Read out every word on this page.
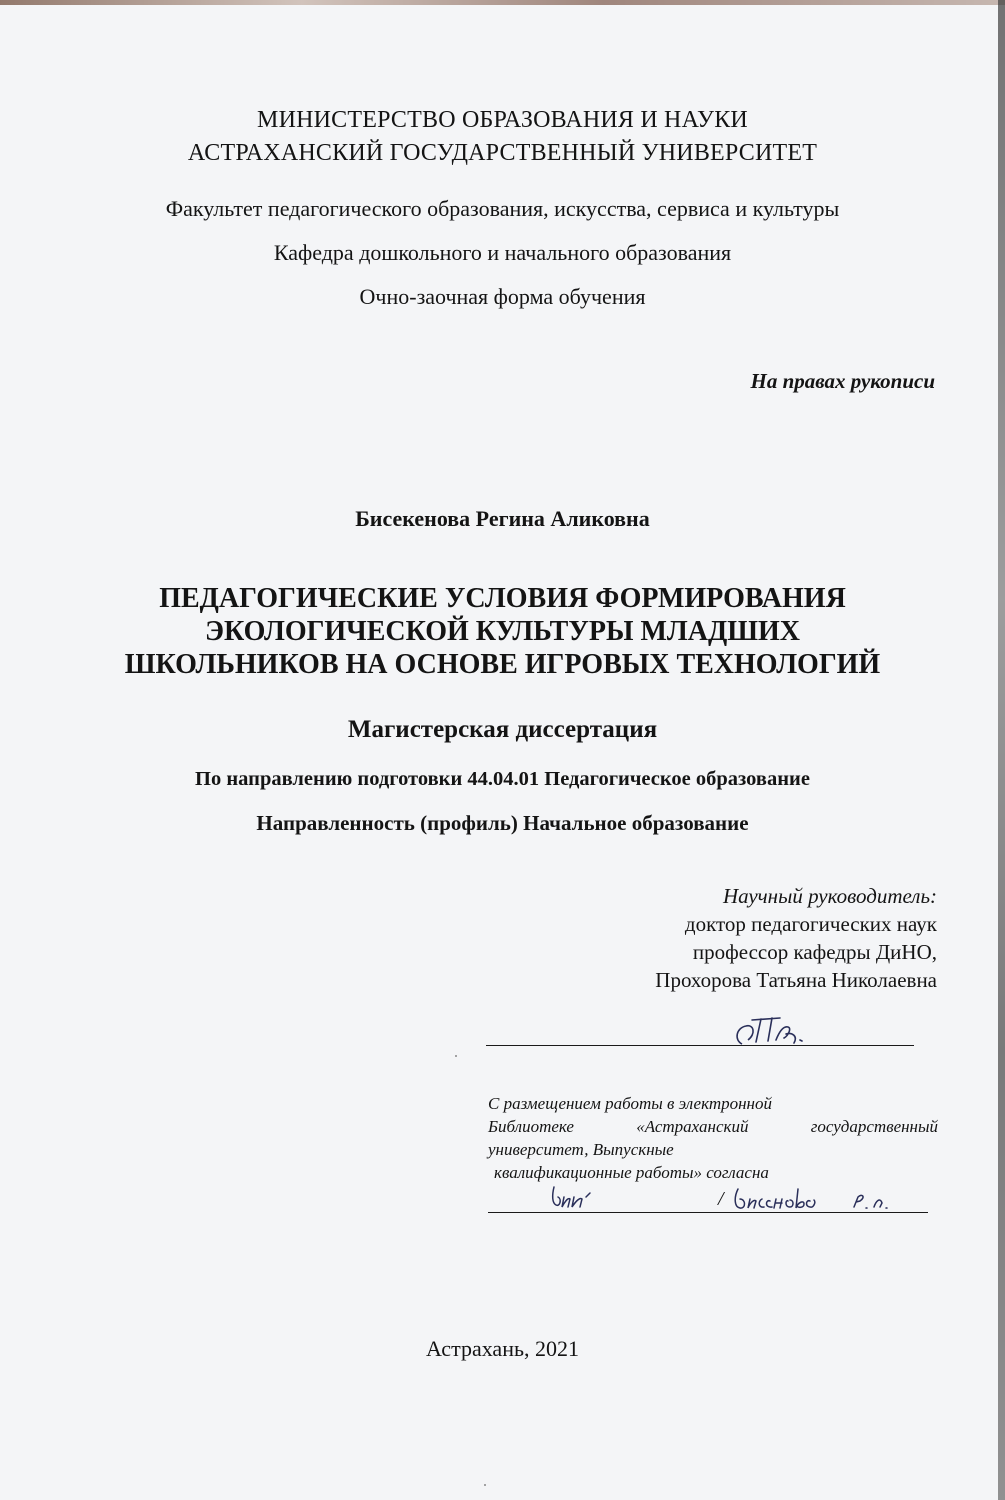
МИНИСТЕРСТВО ОБРАЗОВАНИЯ И НАУКИ
АСТРАХАНСКИЙ ГОСУДАРСТВЕННЫЙ УНИВЕРСИТЕТ
Факультет педагогического образования, искусства, сервиса и культуры
Кафедра дошкольного и начального образования
Очно-заочная форма обучения
На правах рукописи
Бисекенова Регина Аликовна
ПЕДАГОГИЧЕСКИЕ УСЛОВИЯ ФОРМИРОВАНИЯ
ЭКОЛОГИЧЕСКОЙ КУЛЬТУРЫ МЛАДШИХ
ШКОЛЬНИКОВ НА ОСНОВЕ ИГРОВЫХ ТЕХНОЛОГИЙ
Магистерская диссертация
По направлению подготовки 44.04.01 Педагогическое образование
Направленность (профиль) Начальное образование
Научный руководитель:
доктор педагогических наук
профессор кафедры ДиНО,
Прохорова Татьяна Николаевна
С размещением работы в электронной
Библиотеке «Астраханский государственный
университет, Выпускные
квалификационные работы» согласна
/
Астрахань, 2021
